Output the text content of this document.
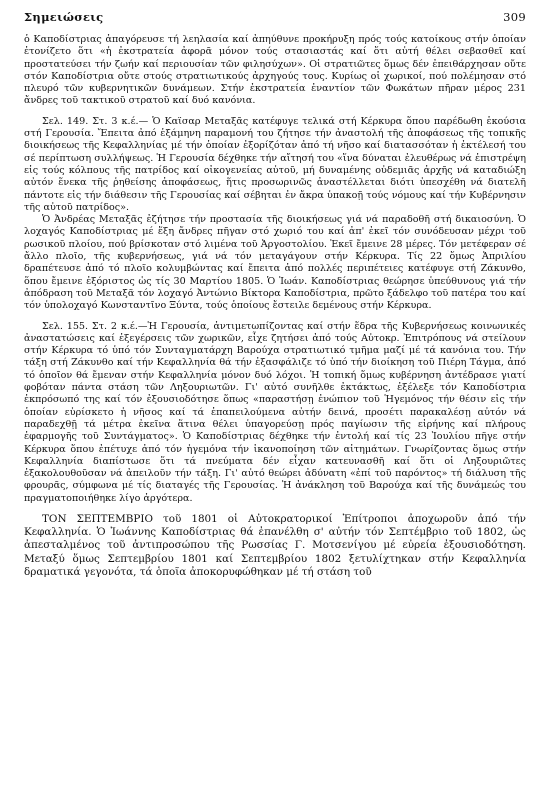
Σημειώσεις	309

ὁ Καποδίστριας ἀπαγόρευσε τή λεηλασία καί ἀπηύθυνε προκήρυξη πρός τούς κατοίκους στήν ὁποίαν ἐτονίζετο ὅτι «ἡ ἐκστρατεία ἀφορᾶ μόνον τούς στασιαστάς καί ὅτι αὐτή θέλει σεβασθεῖ καί προστατεύσει τήν ζωήν καί περιουσίαν τῶν φιλησύχων». Οἱ στρατιῶτες ὅμως δέν ἐπειθάρχησαν οὔτε στόν Καποδίστρια οὔτε στούς στρατιωτικούς ἀρχηγούς τους. Κυρίως οἱ χωρικοί, πού πολέμησαν στό πλευρό τῶν κυβερνητικῶν δυνάμεων. Στήν ἐκστρατεία ἐναντίον τῶν Φωκάτων πῆραν μέρος 231 ἄνδρες τοῦ τακτικοῦ στρατοῦ καί δυό κανόνια.

Σελ. 149. Στ. 3 κ.έ.— Ὁ Καϊσαρ Μεταξᾶς κατέφυγε τελικά στή Κέρκυρα ὅπου παρέδωθη ἑκούσια στή Γερουσία. Ἔπειτα ἀπό ἑξάμηνη παραμονή του ζήτησε τήν ἀναστολή τῆς ἀποφάσεως τῆς τοπικῆς διοικήσεως τῆς Κεφαλληνίας μέ τήν ὁποίαν ἐξορίζόταν ἀπό τή νῆσο καί διατασσόταν ἡ ἐκτέλεσή του σέ περίπτωση συλλήψεως. Ἡ Γερουσία δέχθηκε τήν αἴτησή του «ἵνα δύναται ἐλευθέρως νά ἐπιστρέψη εἰς τούς κόλπους τῆς πατρίδος καί οἰκογενείας αὐτοῦ, μή δυναμένης οὐδεμιᾶς ἀρχῆς νά καταδιώξη αὐτόν ἕνεκα τῆς ῥηθείσης ἀποφάσεως, ἥτις προσωρινῶς ἀναστέλλεται διότι ὑπεσχέθη νά διατελῆ πάντοτε εἰς τήν διάθεσιν τῆς Γερουσίας καί σέβηται ἐν ἄκρα ὑπακοῇ τούς νόμους καί τήν Κυβέρνησιν τῆς αὐτοῦ πατρίδος».

Ὁ Ἀνδρέας Μεταξᾶς ἐζήτησε τήν προστασία τῆς διοικήσεως γιά νά παραδοθῆ στή δικαιοσύνη. Ὁ λοχαγός Καποδίστριας μέ ἕξη ἄνδρες πῆγαν στό χωριό του καί ἀπ' ἐκεῖ τόν συνόδευσαν μέχρι τοῦ ρωσικοῦ πλοίου, πού βρίσκοταν στό λιμένα τοῦ Ἀργοστολίου. Ἐκεῖ ἔμεινε 28 μέρες. Τόν μετέφεραν σέ ἄλλο πλοῖο, τῆς κυβερνήσεως, γιά νά τόν μεταγάγουν στήν Κέρκυρα. Τίς 22 ὅμως Ἀπριλίου δραπέτευσε ἀπό τό πλοῖο κολυμβώντας καί ἔπειτα ἀπό πολλές περιπέτειες κατέφυγε στή Ζάκυνθο, ὅπου ἔμεινε ἐξόριστος ὡς τίς 30 Μαρτίου 1805. Ὁ Ἰωάν. Καποδίστριας θεώρησε ὑπεύθυνους γιά τήν ἀπόδραση τοῦ Μεταξᾶ τόν λοχαγό Ἀντώνιο Βίκτορα Καποδίστρια, πρῶτο ξάδελφο τοῦ πατέρα του καί τόν ὑπολοχαγό Κωνσταντῖνο Ξύντα, τούς ὁποίους ἔστειλε δεμένους στήν Κέρκυρα.

Σελ. 155. Στ. 2 κ.έ.—Ἡ Γερουσία, ἀντιμετωπίζοντας καί στήν ἕδρα τῆς Κυβερνήσεως κοινωνικές ἀναστατώσεις καί ἐξεγέρσεις τῶν χωρικῶν, εἶχε ζητήσει ἀπό τούς Αὐτοκρ. Ἐπιτρόπους νά στείλουν στήν Κέρκυρα τό ὑπό τόν Συνταγματάρχη Βαρούχα στρατιωτικό τμῆμα μαζί μέ τά κανόνια του. Τήν τάξη στή Ζάκυνθο καί τήν Κεφαλληνία θά τήν ἐξασφάλιζε τό ὑπό τήν διοίκηση τοῦ Πιέρη Τάγμα, ἀπό τό ὁποῖον θά ἔμεναν στήν Κεφαλληνία μόνον δυό λόχοι. Ἡ τοπική ὅμως κυβέρνηση ἀντέδρασε γιατί φοβόταν πάντα στάση τῶν Ληξουριωτῶν. Γι' αὐτό συνῆλθε ἐκτάκτως, ἐξέλεξε τόν Καποδίστρια ἐκπρόσωπό της καί τόν ἐξουσιοδότησε ὅπως «παραστήσῃ ἐνώπιον τοῦ Ἡγεμόνος τήν θέσιν εἰς τήν ὁποίαν εὑρίσκετο ἡ νῆσος καί τά ἐπαπειλούμενα αὐτήν δεινά, προσέτι παρακαλέσῃ αὐτόν νά παραδεχθῇ τά μέτρα ἐκεῖνα ἅτινα θέλει ὑπαγορεύσῃ πρός παγίωσιν τῆς εἰρήνης καί πλήρους ἐφαρμογῆς τοῦ Συντάγματος». Ὁ Καποδίστριας δέχθηκε τήν ἐντολή καί τίς 23 Ἰουλίου πῆγε στήν Κέρκυρα ὅπου ἐπέτυχε ἀπό τόν ἡγεμόνα τήν ἱκανοποίηση τῶν αἰτημάτων. Γνωρίζοντας ὅμως στήν Κεφαλληνία διαπίστωσε ὅτι τά πνεύματα δέν εἶχαν κατευνασθῆ καί ὅτι οἱ Ληξουριῶτες ἐξακολουθοῦσαν νά ἀπειλοῦν τήν τάξη. Γι' αὐτό θεώρει ἀδύνατη «ἐπί τοῦ παρόντος» τή διάλυση τῆς φρουρᾶς, σύμφωνα μέ τίς διαταγές τῆς Γερουσίας. Ἡ ἀνάκληση τοῦ Βαρούχα καί τῆς δυνάμεώς του πραγματοποιήθηκε λίγο ἀργότερα.

ΤΟΝ ΣΕΠΤΕΜΒΡΙΟ τοῦ 1801 οἱ Αὐτοκρατορικοί Ἐπίτροποι ἀποχωροῦν ἀπό τήν Κεφαλληνία. Ὁ Ἰωάννης Καποδίστριας θά ἐπανέλθη σ' αὐτήν τόν Σεπτέμβριο τοῦ 1802, ὡς ἀπεσταλμένος τοῦ ἀντιπροσώπου τῆς Ρωσσίας Γ. Μοτσενίγου μέ εὐρεία ἐξουσιοδότηση. Μεταξύ ὅμως Σεπτεμβρίου 1801 καί Σεπτεμβρίου 1802 ξετυλίχτηκαν στήν Κεφαλληνία δραματικά γεγονότα, τά ὁποῖα ἀποκορυφώθηκαν μέ τή στάση τοῦ
